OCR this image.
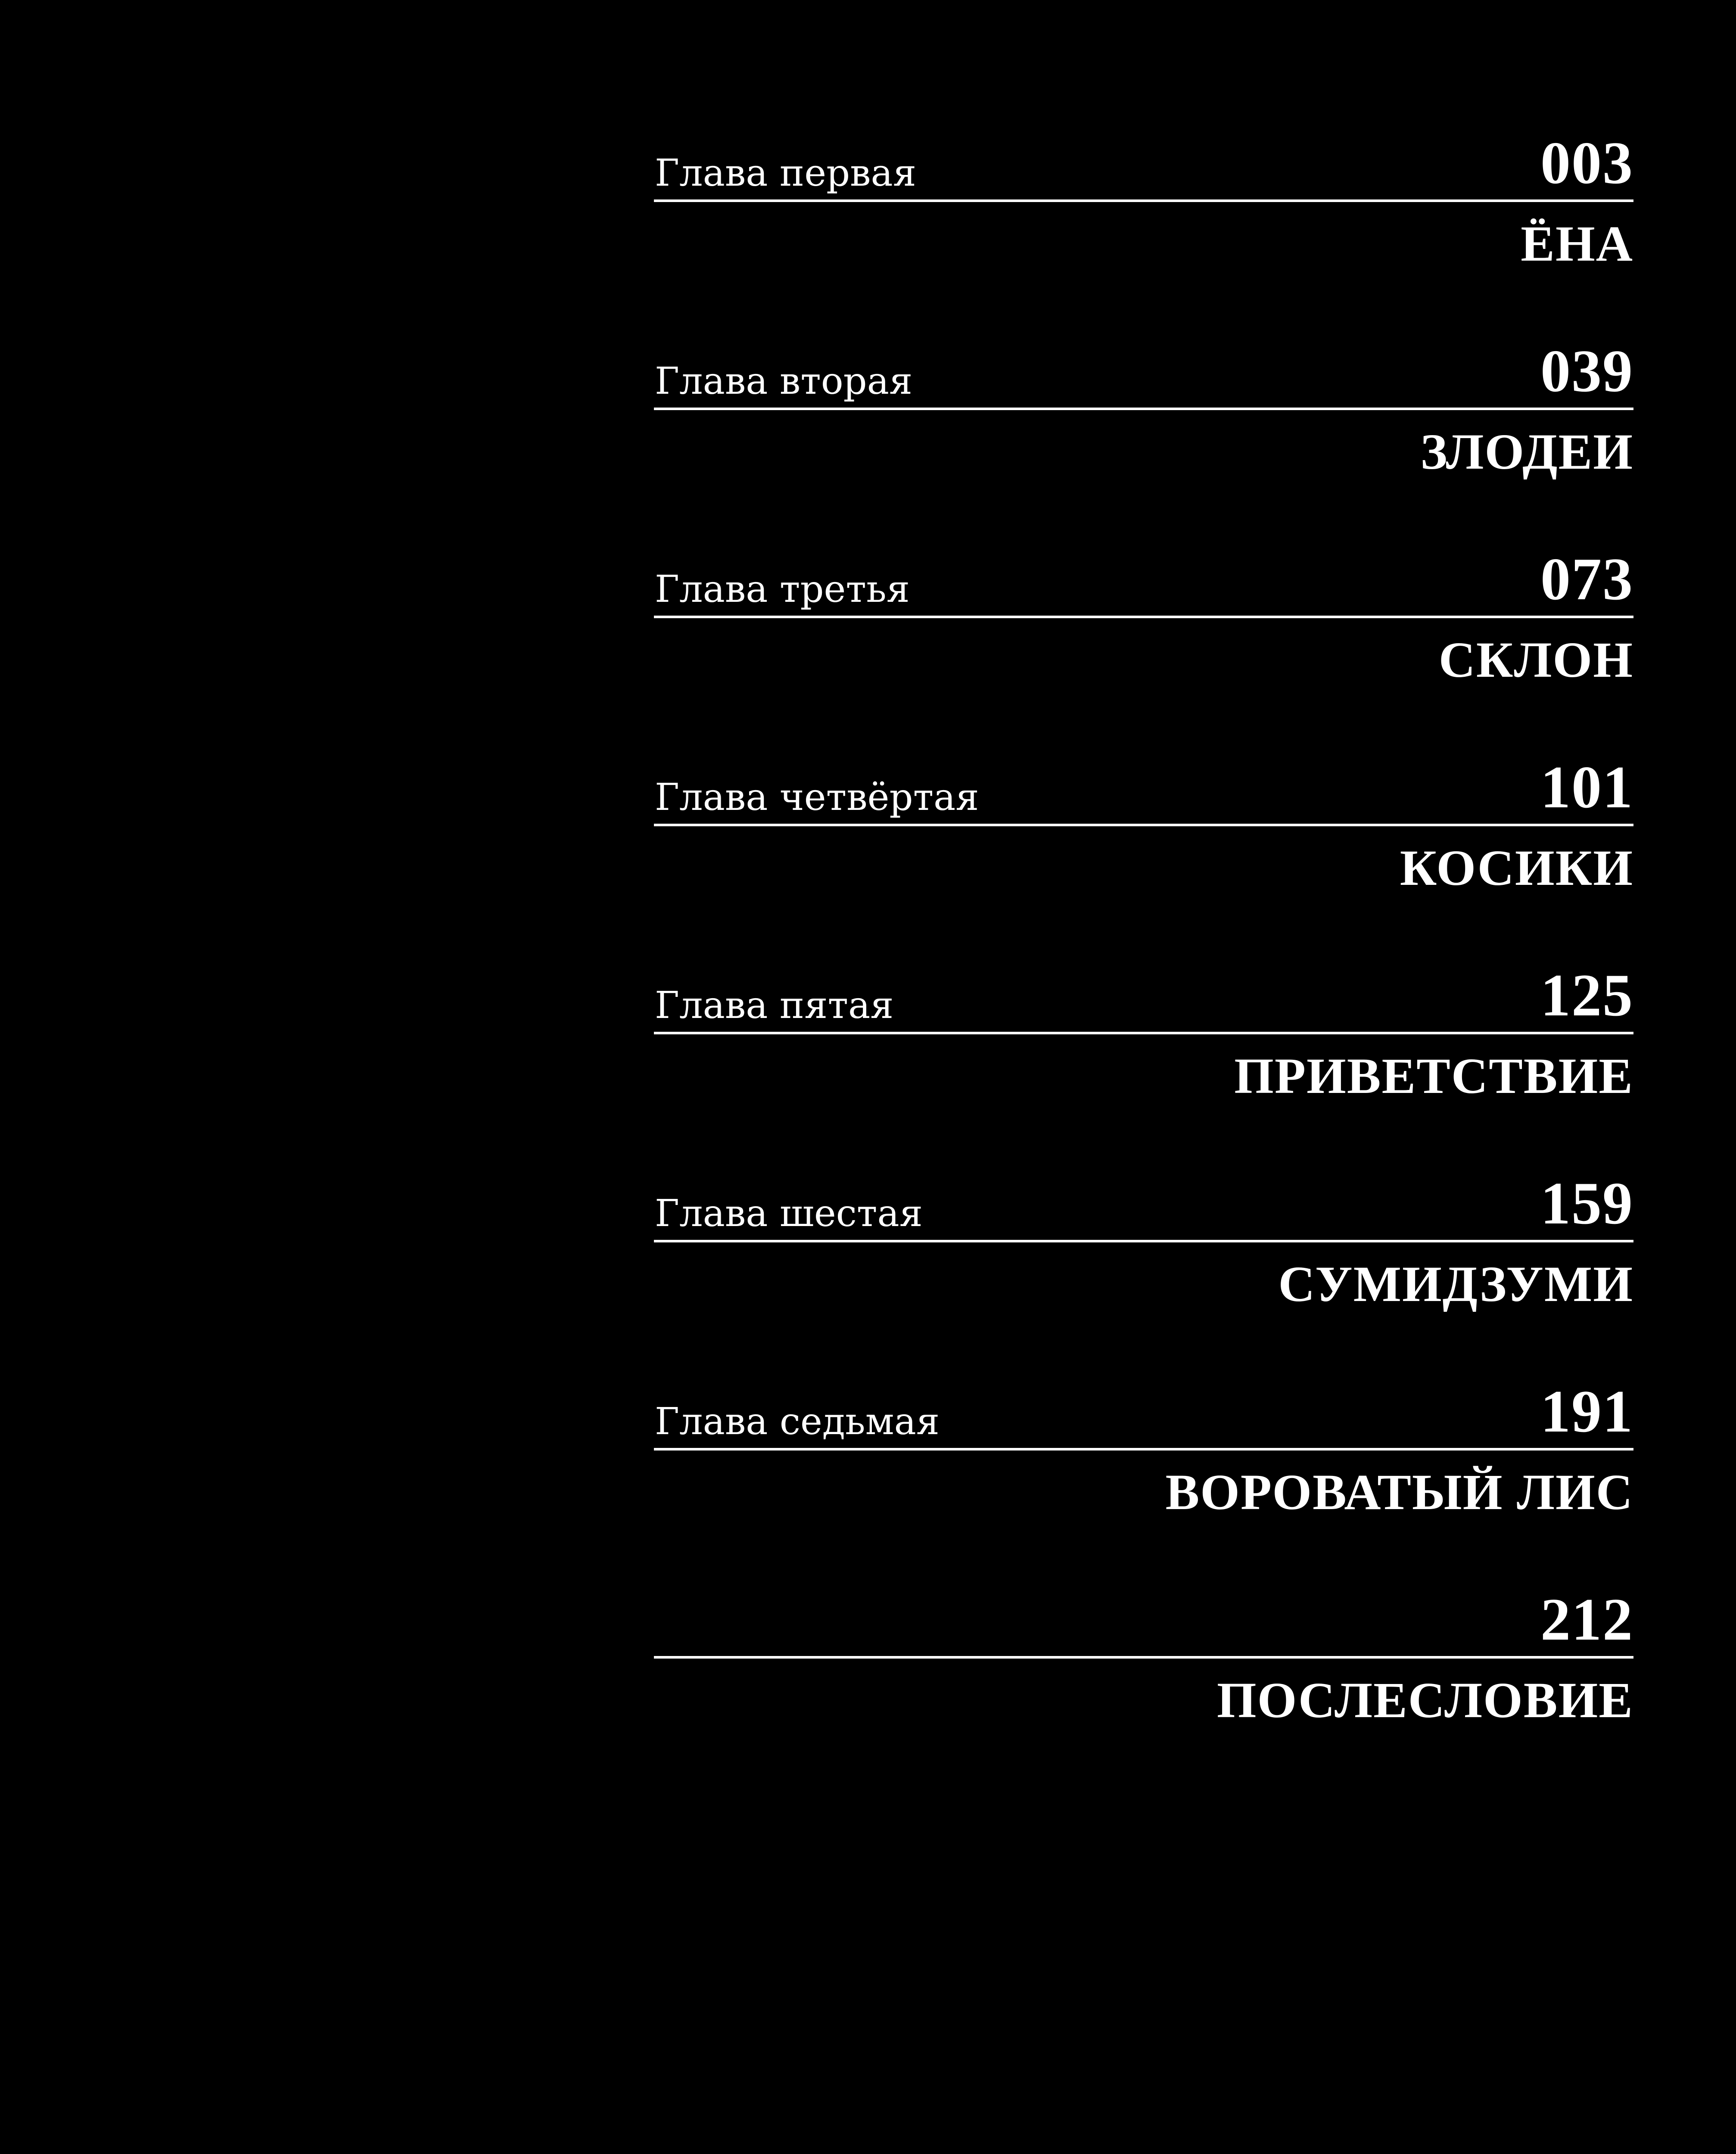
Глава первая	003
ЁНА
Глава вторая	039
ЗЛОДЕИ
Глава третья	073
СКЛОН
Глава четвёртая	101
КОСИКИ
Глава пятая	125
ПРИВЕТСТВИЕ
Глава шестая	159
СУМИДЗУМИ
Глава седьмая	191
ВОРОВАТЫЙ ЛИС
212
ПОСЛЕСЛОВИЕ
